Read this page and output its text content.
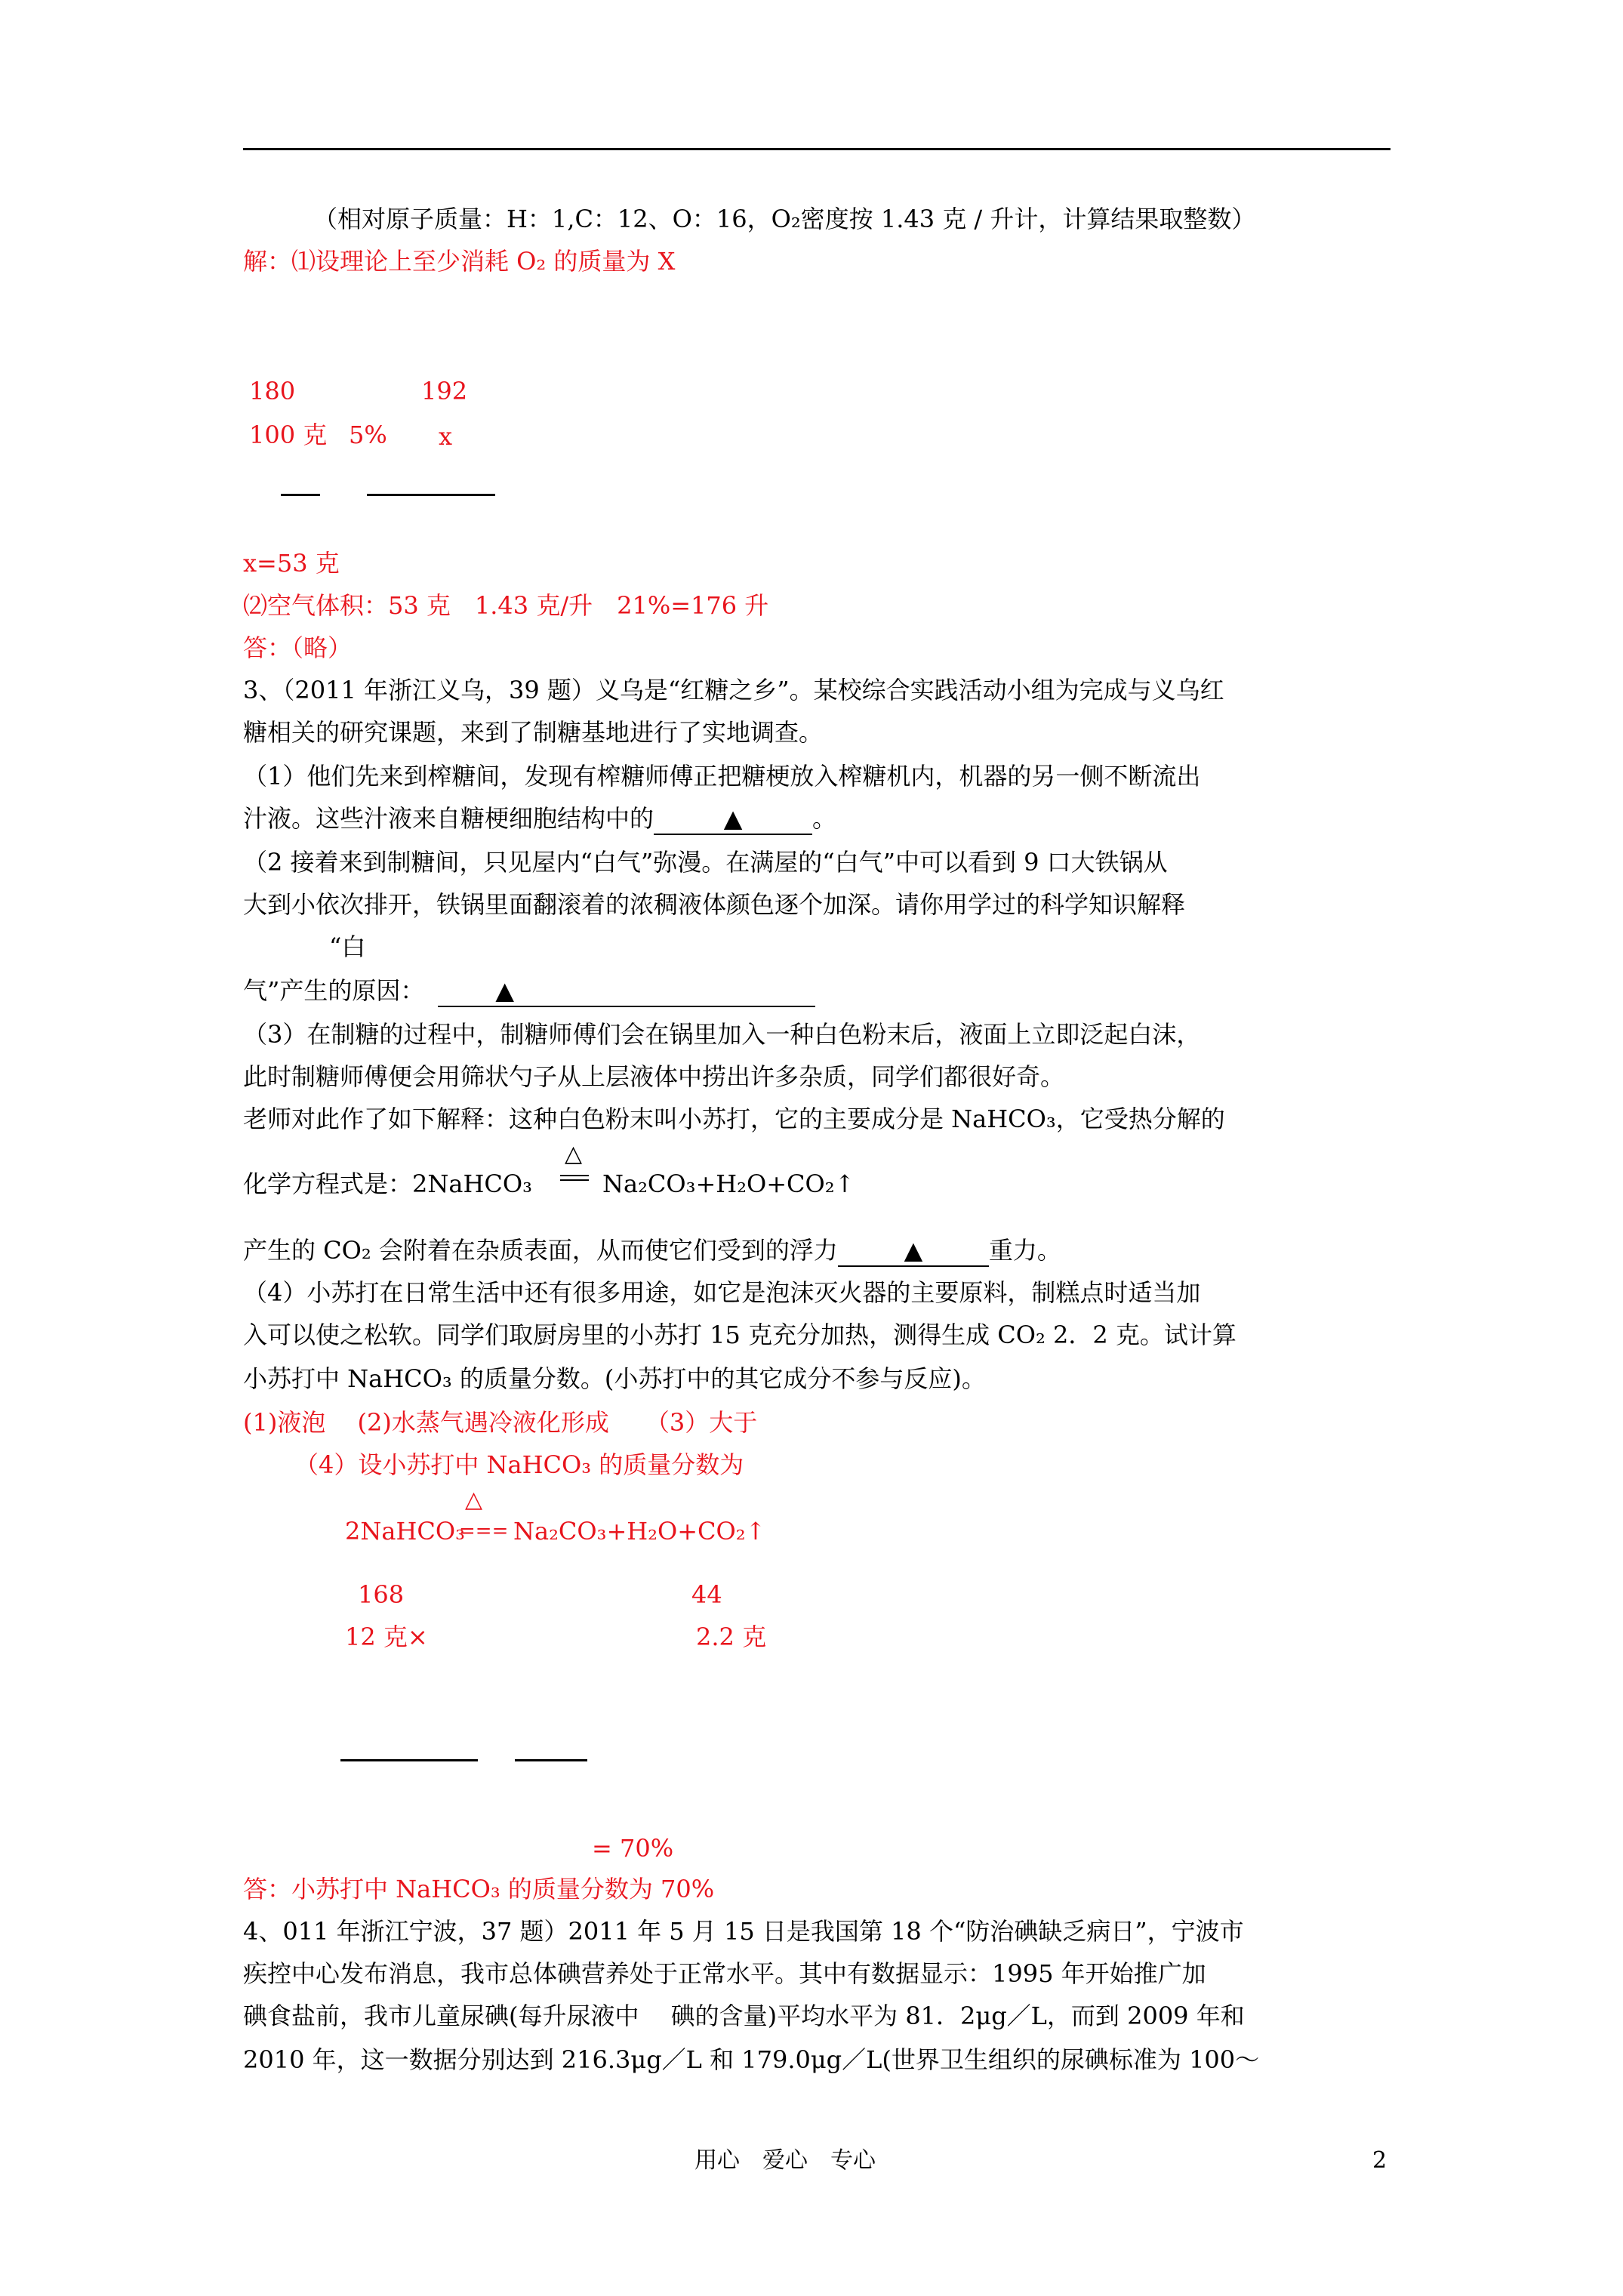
（相对原子质量：H：1,C：12、O：16，O₂密度按 1.43 克 / 升计，计算结果取整数）
解：⑴设理论上至少消耗 O₂ 的质量为 X
180	192
100 克 5% x
x=53 克
⑵空气体积：53 克　1.43 克/升　21%=176 升
答：（略）
3、（2011 年浙江义乌，39 题）义乌是“红糖之乡”。某校综合实践活动小组为完成与义乌红
糖相关的研究课题，来到了制糖基地进行了实地调查。
（1）他们先来到榨糖间，发现有榨糖师傅正把糖梗放入榨糖机内，机器的另一侧不断流出
汁液。这些汁液来自糖梗细胞结构中的	▲	。
（2 接着来到制糖间，只见屋内“白气”弥漫。在满屋的“白气”中可以看到 9 口大铁锅从
大到小依次排开，铁锅里面翻滚着的浓稠液体颜色逐个加深。请你用学过的科学知识解释
“白
气”产生的原因：	▲
（3）在制糖的过程中，制糖师傅们会在锅里加入一种白色粉末后，液面上立即泛起白沫，
此时制糖师傅便会用筛状勺子从上层液体中捞出许多杂质，同学们都很好奇。
老师对此作了如下解释：这种白色粉末叫小苏打，它的主要成分是 NaHCO₃，它受热分解的
化学方程式是：2NaHCO₃
△
Na₂CO₃+H₂O+CO₂↑
产生的 CO₂ 会附着在杂质表面，从而使它们受到的浮力	▲	重力。
（4）小苏打在日常生活中还有很多用途，如它是泡沫灭火器的主要原料，制糕点时适当加
入可以使之松软。同学们取厨房里的小苏打 15 克充分加热，测得生成 CO₂ 2．2 克。试计算
小苏打中 NaHCO₃ 的质量分数。(小苏打中的其它成分不参与反应)。
(1)液泡　 (2)水蒸气遇冷液化形成　　（3）大于
（4）设小苏打中 NaHCO₃ 的质量分数为
2NaHCO₃
△
=== Na₂CO₃+H₂O+CO₂↑
168	44
12 克×	2.2 克
= 70%
答：小苏打中 NaHCO₃ 的质量分数为 70%
4、011 年浙江宁波，37 题）2011 年 5 月 15 日是我国第 18 个“防治碘缺乏病日”，宁波市
疾控中心发布消息，我市总体碘营养处于正常水平。其中有数据显示：1995 年开始推广加
碘食盐前，我市儿童尿碘(每升尿液中　 碘的含量)平均水平为 81．2μg／L，而到 2009 年和
2010 年，这一数据分别达到 216.3μg／L 和 179.0μg／L(世界卫生组织的尿碘标准为 100～
用心　爱心　专心	2
